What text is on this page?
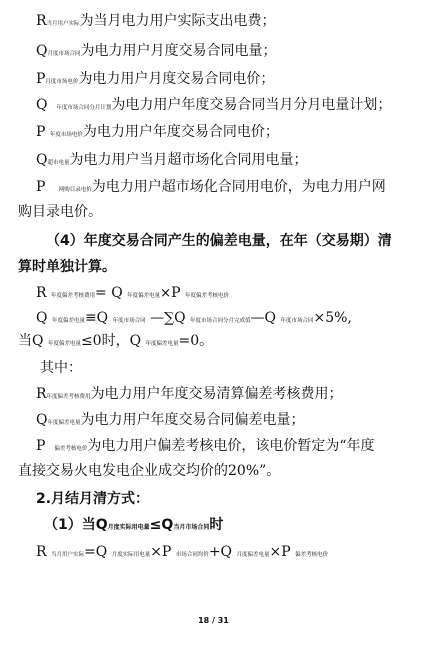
R当月用户实际为当月电力用户实际支出电费；
Q月度市场合同为电力用户月度交易合同电量；
P月度市场电价为电力用户月度交易合同电价；
Q 年度市场合同分月计划为电力用户年度交易合同当月分月电量计划；
P 年度市场电价为电力用户年度交易合同电价；
Q超市电量为电力用户当月超市场化合同用电量；
P 网购目录电价为电力用户超市场化合同用电价，为电力用户网
购目录电价。
（4）年度交易合同产生的偏差电量，在年（交易期）清
算时单独计算。
R 年度偏差考核费用= Q 年度偏差电量×P 年度偏差考核电价
Q 年度偏差电量≡Q 年度市场合同 —∑Q 年度市场合同分月完成值—Q 年度市场合同×5%,
当Q 年度偏差电量≤0时，Q 年度偏差电量=0。
其中：
R年度偏差考核费用为电力用户年度交易清算偏差考核费用；
Q年度偏差电量为电力用户年度交易合同偏差电量；
P 偏差考核电价为电力用户偏差考核电价，该电价暂定为“年度
直接交易火电发电企业成交均价的20%”。
2.月结月清方式：
（1）当Q月度实际用电量≤Q当月市场合同时
R 当月用户实际=Q 月度实际用电量×P 市场合同均价+Q 月度偏差电量×P 偏差考核电价
18 / 31
